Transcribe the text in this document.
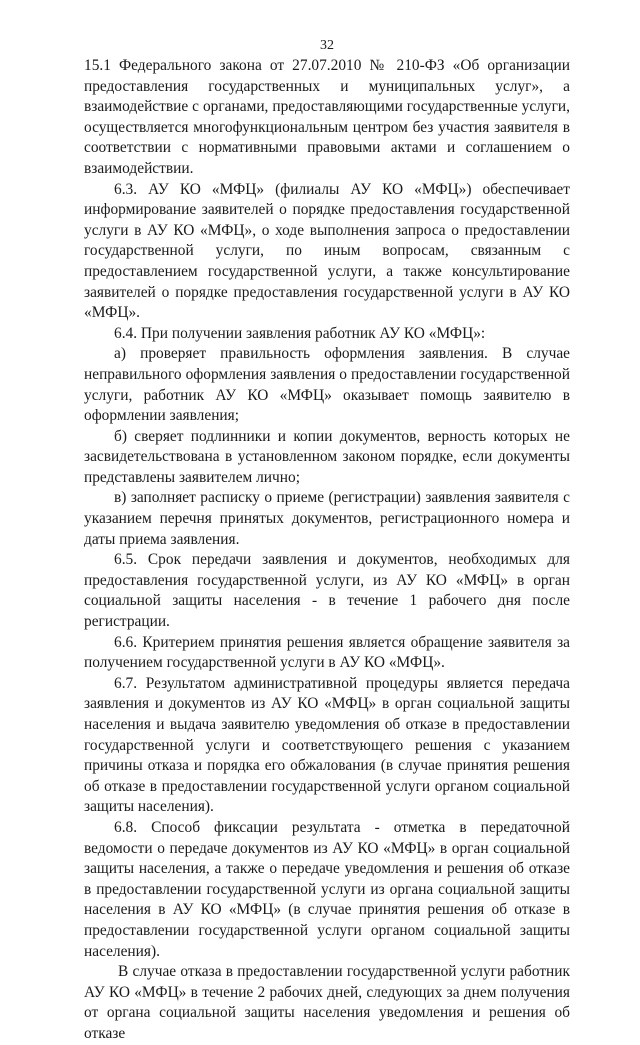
32

15.1 Федерального закона от 27.07.2010 № 210-ФЗ «Об организации предоставления государственных и муниципальных услуг», а взаимодействие с органами, предоставляющими государственные услуги, осуществляется многофункциональным центром без участия заявителя в соответствии с нормативными правовыми актами и соглашением о взаимодействии.

6.3. АУ КО «МФЦ» (филиалы АУ КО «МФЦ») обеспечивает информирование заявителей о порядке предоставления государственной услуги в АУ КО «МФЦ», о ходе выполнения запроса о предоставлении государственной услуги, по иным вопросам, связанным с предоставлением государственной услуги, а также консультирование заявителей о порядке предоставления государственной услуги в АУ КО «МФЦ».

6.4. При получении заявления работник АУ КО «МФЦ»:

а) проверяет правильность оформления заявления. В случае неправильного оформления заявления о предоставлении государственной услуги, работник АУ КО «МФЦ» оказывает помощь заявителю в оформлении заявления;

б) сверяет подлинники и копии документов, верность которых не засвидетельствована в установленном законом порядке, если документы представлены заявителем лично;

в) заполняет расписку о приеме (регистрации) заявления заявителя с указанием перечня принятых документов, регистрационного номера и даты приема заявления.

6.5. Срок передачи заявления и документов, необходимых для предоставления государственной услуги, из АУ КО «МФЦ» в орган социальной защиты населения - в течение 1 рабочего дня после регистрации.

6.6. Критерием принятия решения является обращение заявителя за получением государственной услуги в АУ КО «МФЦ».

6.7. Результатом административной процедуры является передача заявления и документов из АУ КО «МФЦ» в орган социальной защиты населения и выдача заявителю уведомления об отказе в предоставлении государственной услуги и соответствующего решения с указанием причины отказа и порядка его обжалования (в случае принятия решения об отказе в предоставлении государственной услуги органом социальной защиты населения).

6.8. Способ фиксации результата - отметка в передаточной ведомости о передаче документов из АУ КО «МФЦ» в орган социальной защиты населения, а также о передаче уведомления и решения об отказе в предоставлении государственной услуги из органа социальной защиты населения в АУ КО «МФЦ» (в случае принятия решения об отказе в предоставлении государственной услуги органом социальной защиты населения).

В случае отказа в предоставлении государственной услуги работник АУ КО «МФЦ» в течение 2 рабочих дней, следующих за днем получения от органа социальной защиты населения уведомления и решения об отказе
